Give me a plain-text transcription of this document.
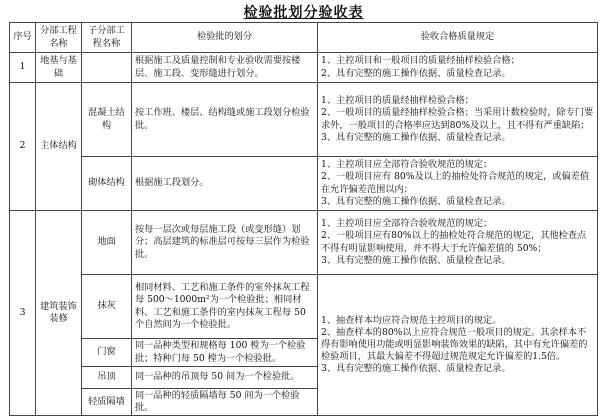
检验批划分验收表
序号	分部工程名称	子分部工程名称	检验批的划分	验收合格质量规定
1	地基与基础		根据施工及质量控制和专业验收需要按楼层、施工段、变形缝进行划分。	1、主控项目和一般项目的质量经抽样检验合格；
2、具有完整的施工操作依据、质量检查记录。

2	主体结构	混凝土结构	按工作班、楼层、结构缝或施工段划分检验批。	1、主控项目的质量经抽样检验合格；
2、一般项目的质量经抽样检验合格；当采用计数检验时，除专门要求外，一般项目的合格率应达到80%及以上，且不得有严重缺陷；
3、具有完整的施工操作依据、质量检查记录。

		砌体结构	根据施工段划分。	1、主控项目应全部符合验收规范的规定；
2、一般项目应有 80%及以上的抽检处符合规范的规定，或偏差值在允许偏差范围以内；
3、具有完整的施工操作依据、质量检查记录。

3	建筑装饰装修	地面	按每一层次或每层施工段（或变形缝）划分；高层建筑的标准层可按每三层作为检验批。	1、主控项目应全部符合验收规范的规定；
2、一般项目应有80%以上的抽检处符合规范的规定，其他检查点不得有明显影响使用，并不得大于允许偏差值的 50%；
3、具有完整的施工操作依据、质量检查记录。

		抹灰	相同材料、工艺和施工条件的室外抹灰工程每 500～1000m²为一个检验批；相同材料、工艺和施工条件的室内抹灰工程每 50 个自然间为一个检验批。	1、抽查样本均应符合规范主控项目的规定。
2、抽查样本的80%以上应符合规范一般项目的规定。其余样本不得有影响使用功能或明显影响装饰效果的缺陷，其中有允许偏差的检验项目，其最大偏差不得超过规范规定允许偏差的1.5倍。
3、具有完整的施工操作依据、质量检查记录。

		门窗	同一品种类型和规格每 100 樘为一个检验批；特种门每 50 樘为一个检验批。	
		吊顶	同一品种的吊顶每 50 间为一个检验批。	
		轻质隔墙	同一品种的轻质隔墙每 50 间为一个检验批。	
